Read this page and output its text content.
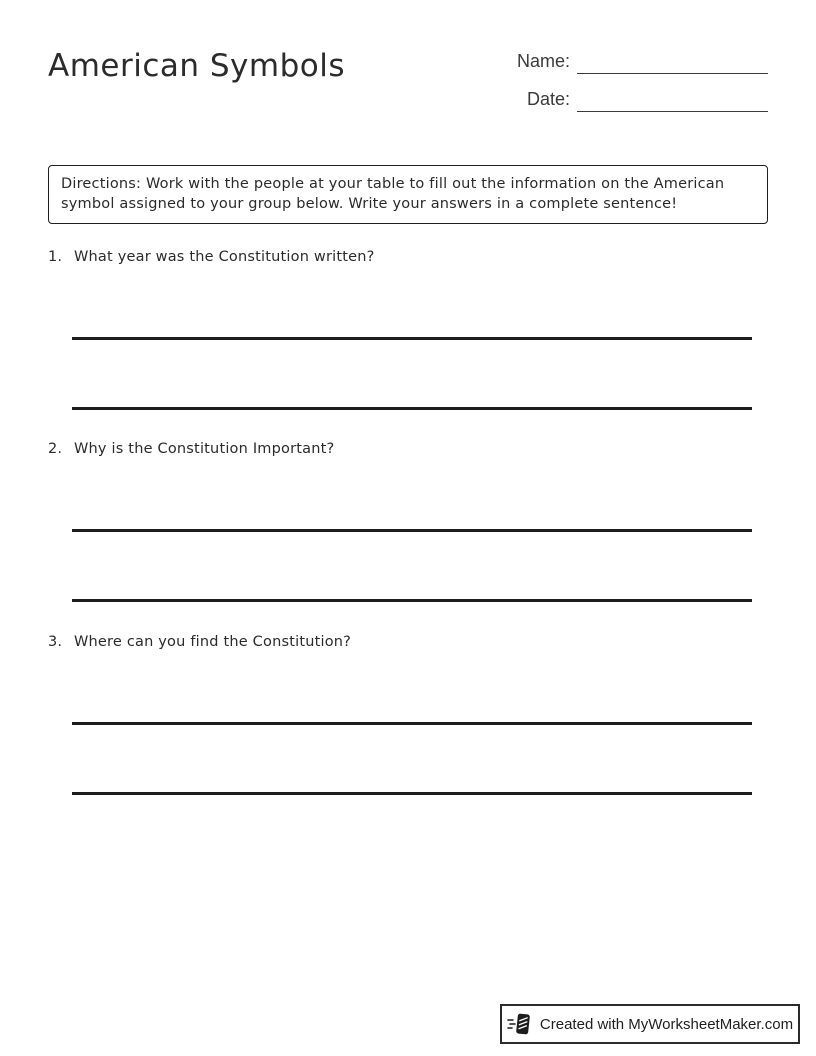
American Symbols	Name:
Date:
Directions: Work with the people at your table to fill out the information on the American symbol assigned to your group below. Write your answers in a complete sentence!
1. What year was the Constitution written?
2. Why is the Constitution Important?
3. Where can you find the Constitution?
Created with MyWorksheetMaker.com
